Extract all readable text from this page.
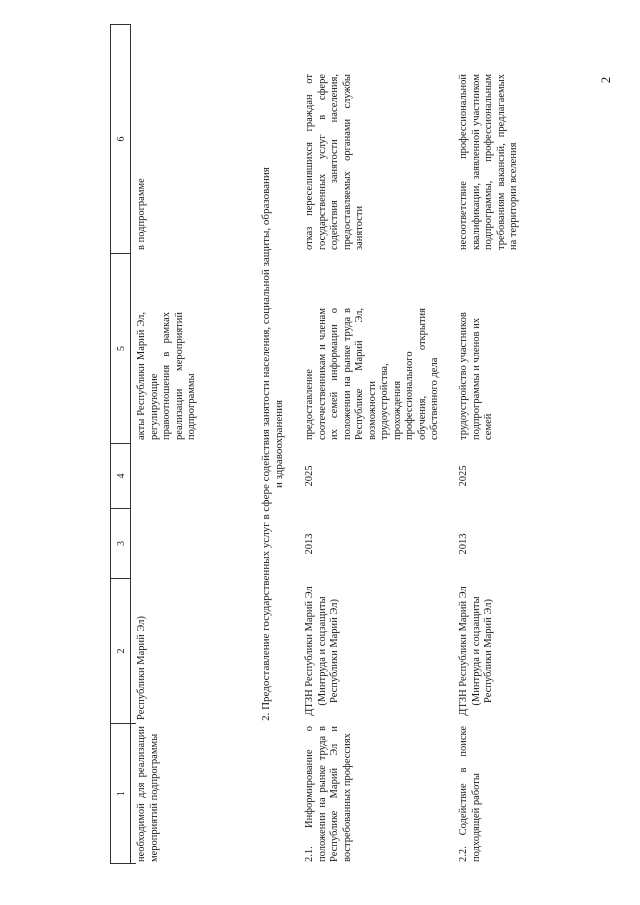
2
1
2
3
4
5
6
необходимой для реализации мероприятий подпрограммы
Республики Марий Эл)
акты Республики Марий Эл, регулирующие правоотношения в рамках реализации мероприятий подпрограммы
в подпрограмме	2. Предоставление государственных услуг в сфере содействия занятости населения, социальной защиты, образования и здравоохранения
2.1. Информирование о положении на рынке труда в Республике Марий Эл и востребованных профессиях
ДТЗН Республики Марий Эл (Минтруда и соцзащиты Республики Марий Эл)
2013
2025
предоставление соотечественникам и членам их семей информации о положении на рынке труда в Республике Марий Эл, возможности трудоустройства, прохождения профессионального обучения, открытия собственного дела
отказ переселившихся граждан от государственных услуг в сфере содействия занятости населения, предоставляемых органами службы занятости
2.2. Содействие в поиске подходящей работы
ДТЗН Республики Марий Эл (Минтруда и соцзащиты Республики Марий Эл)
2013
2025
трудоустройство участников подпрограммы и членов их семей
несоответствие профессиональной квалификации, заявленной участником подпрограммы, профессиональным требованиям вакансий, предлагаемых на территории вселения
